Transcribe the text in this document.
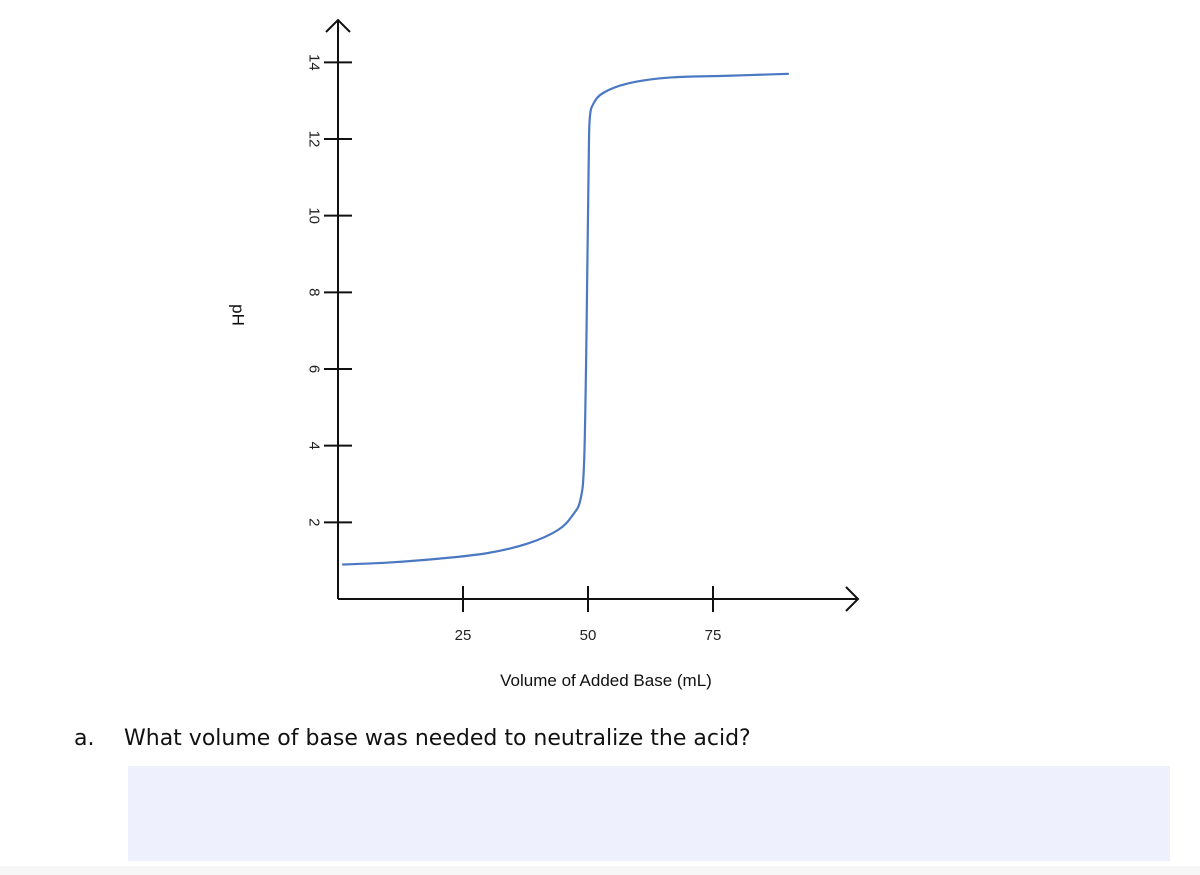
2
4
6
8
10
12
14
25	50	75
pH
Volume of Added Base (mL)
a. What volume of base was needed to neutralize the acid?
